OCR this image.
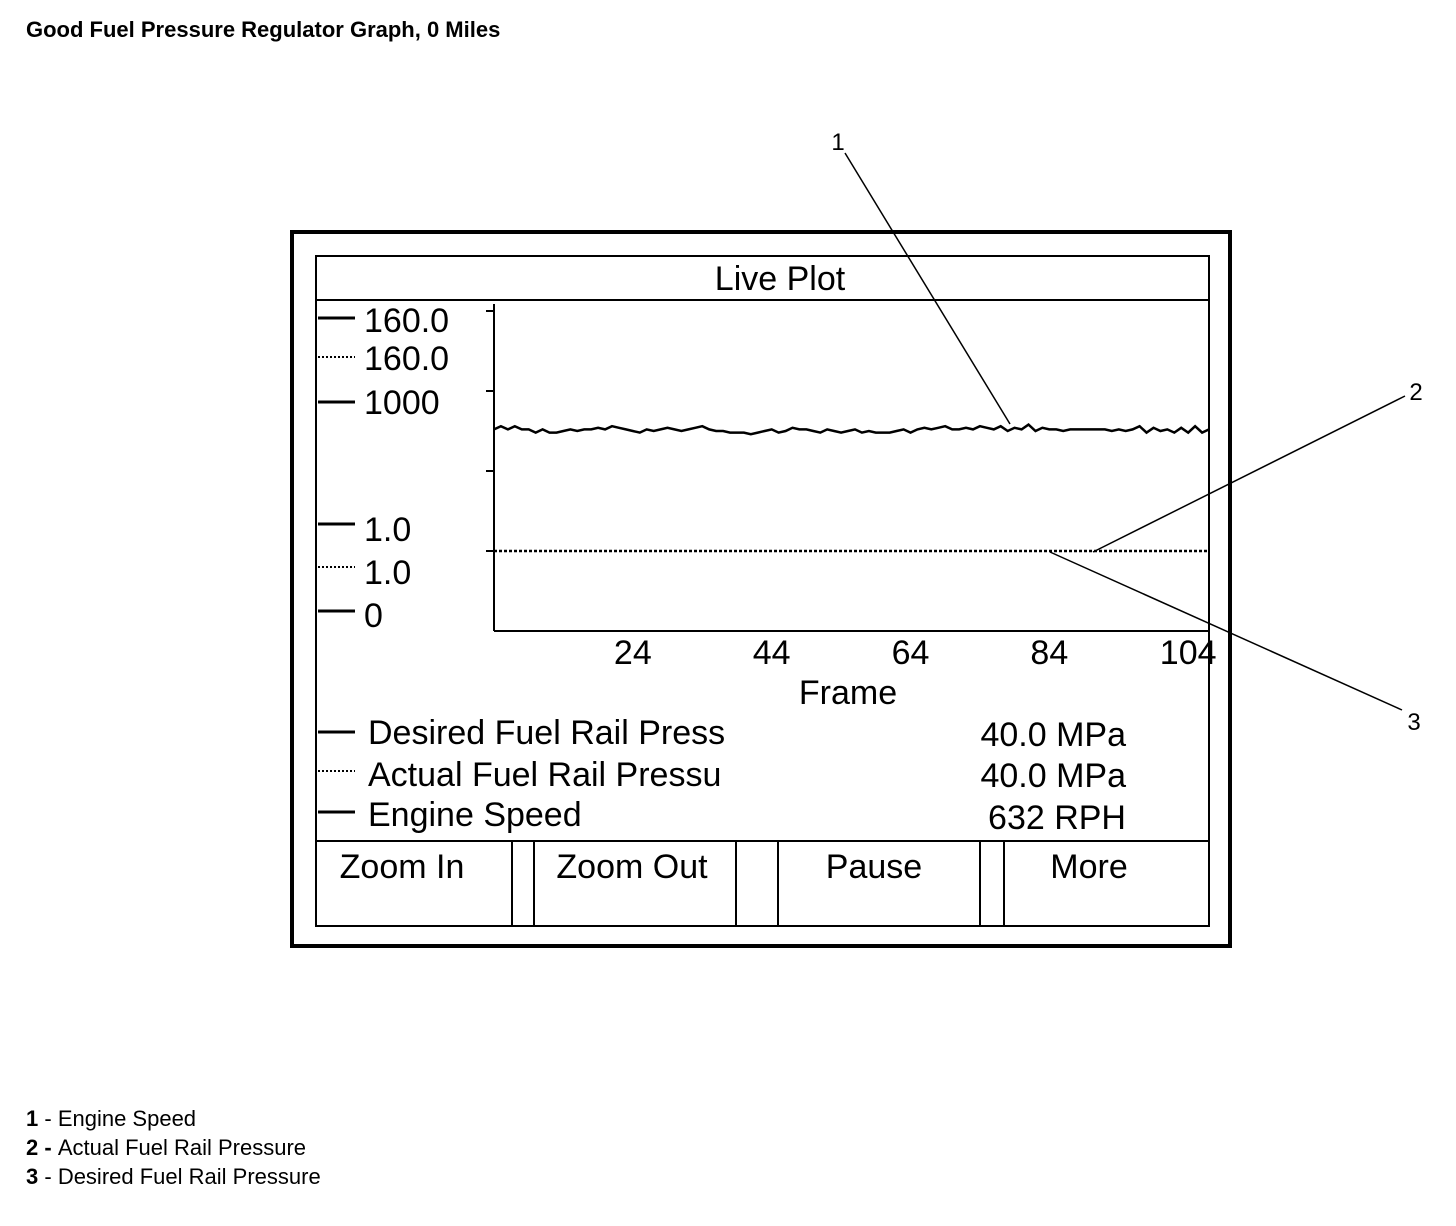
Good Fuel Pressure Regulator Graph, 0 Miles
Live Plot
160.0
160.0
1000
1.0
1.0
0
24	44	64	84	104
Frame
Desired Fuel Rail Press	40.0 MPa
Actual Fuel Rail Pressu	40.0 MPa
Engine Speed	632 RPH
Zoom In	Zoom Out	Pause	More
1
2
3
1 - Engine Speed
2 - Actual Fuel Rail Pressure
3 - Desired Fuel Rail Pressure
